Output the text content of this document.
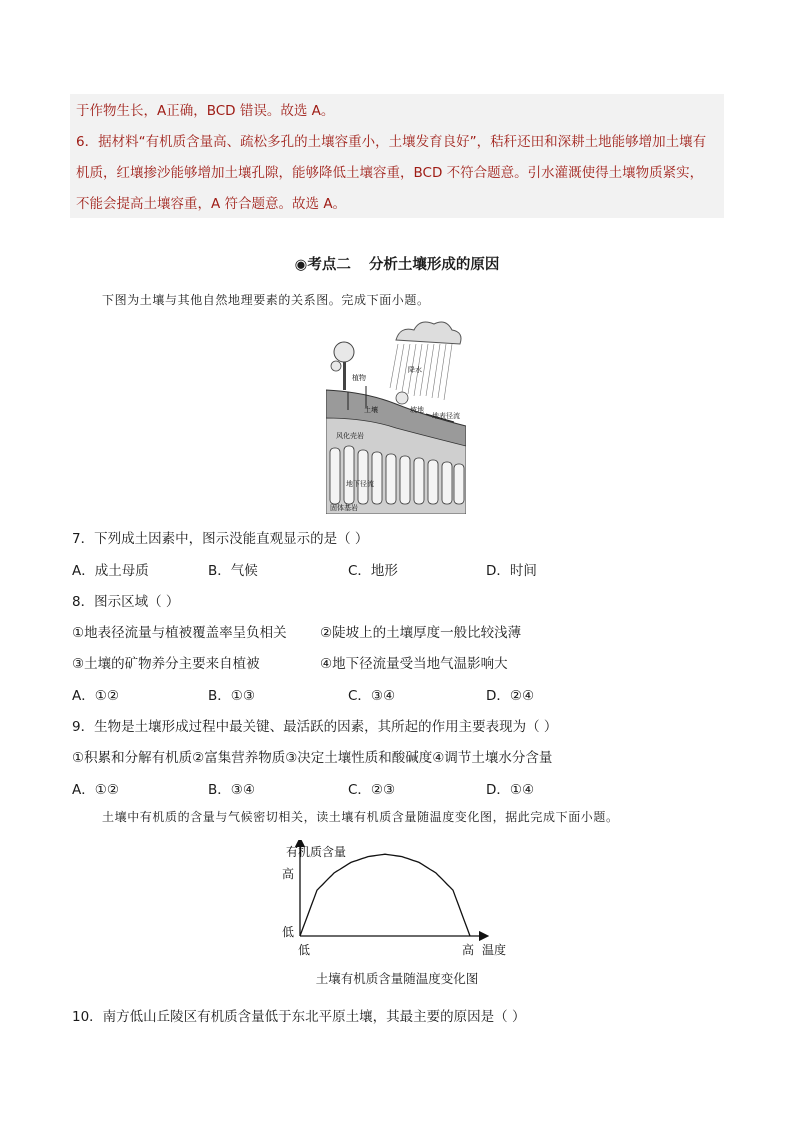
于作物生长，A正确，BCD 错误。故选 A。

6．据材料“有机质含量高、疏松多孔的土壤容重小，土壤发育良好”，秸秆还田和深耕土地能够增加土壤有

机质，红壤掺沙能够增加土壤孔隙，能够降低土壤容重，BCD 不符合题意。引水灌溉使得土壤物质紧实，

不能会提高土壤容重，A 符合题意。故选 A。

◉考点二 分析土壤形成的原因
下图为土壤与其他自然地理要素的关系图。完成下面小题。
植物
降水
土壤	坡地
地表径流
风化壳岩
地下径流
固体基岩
7．下列成土因素中，图示没能直观显示的是（ ）
A．成土母质	B．气候	C．地形	D．时间
8．图示区域（ ）
①地表径流量与植被覆盖率呈负相关 ②陡坡上的土壤厚度一般比较浅薄
③土壤的矿物养分主要来自植被	④地下径流量受当地气温影响大
A．①②	B．①③	C．③④	D．②④
9．生物是土壤形成过程中最关键、最活跃的因素，其所起的作用主要表现为（ ）
①积累和分解有机质②富集营养物质③决定土壤性质和酸碱度④调节土壤水分含量
A．①②	B．③④	C．②③	D．①④
土壤中有机质的含量与气候密切相关，读土壤有机质含量随温度变化图，据此完成下面小题。
有机质含量
高
低
低	高 温度
土壤有机质含量随温度变化图
10．南方低山丘陵区有机质含量低于东北平原土壤，其最主要的原因是（ ）
